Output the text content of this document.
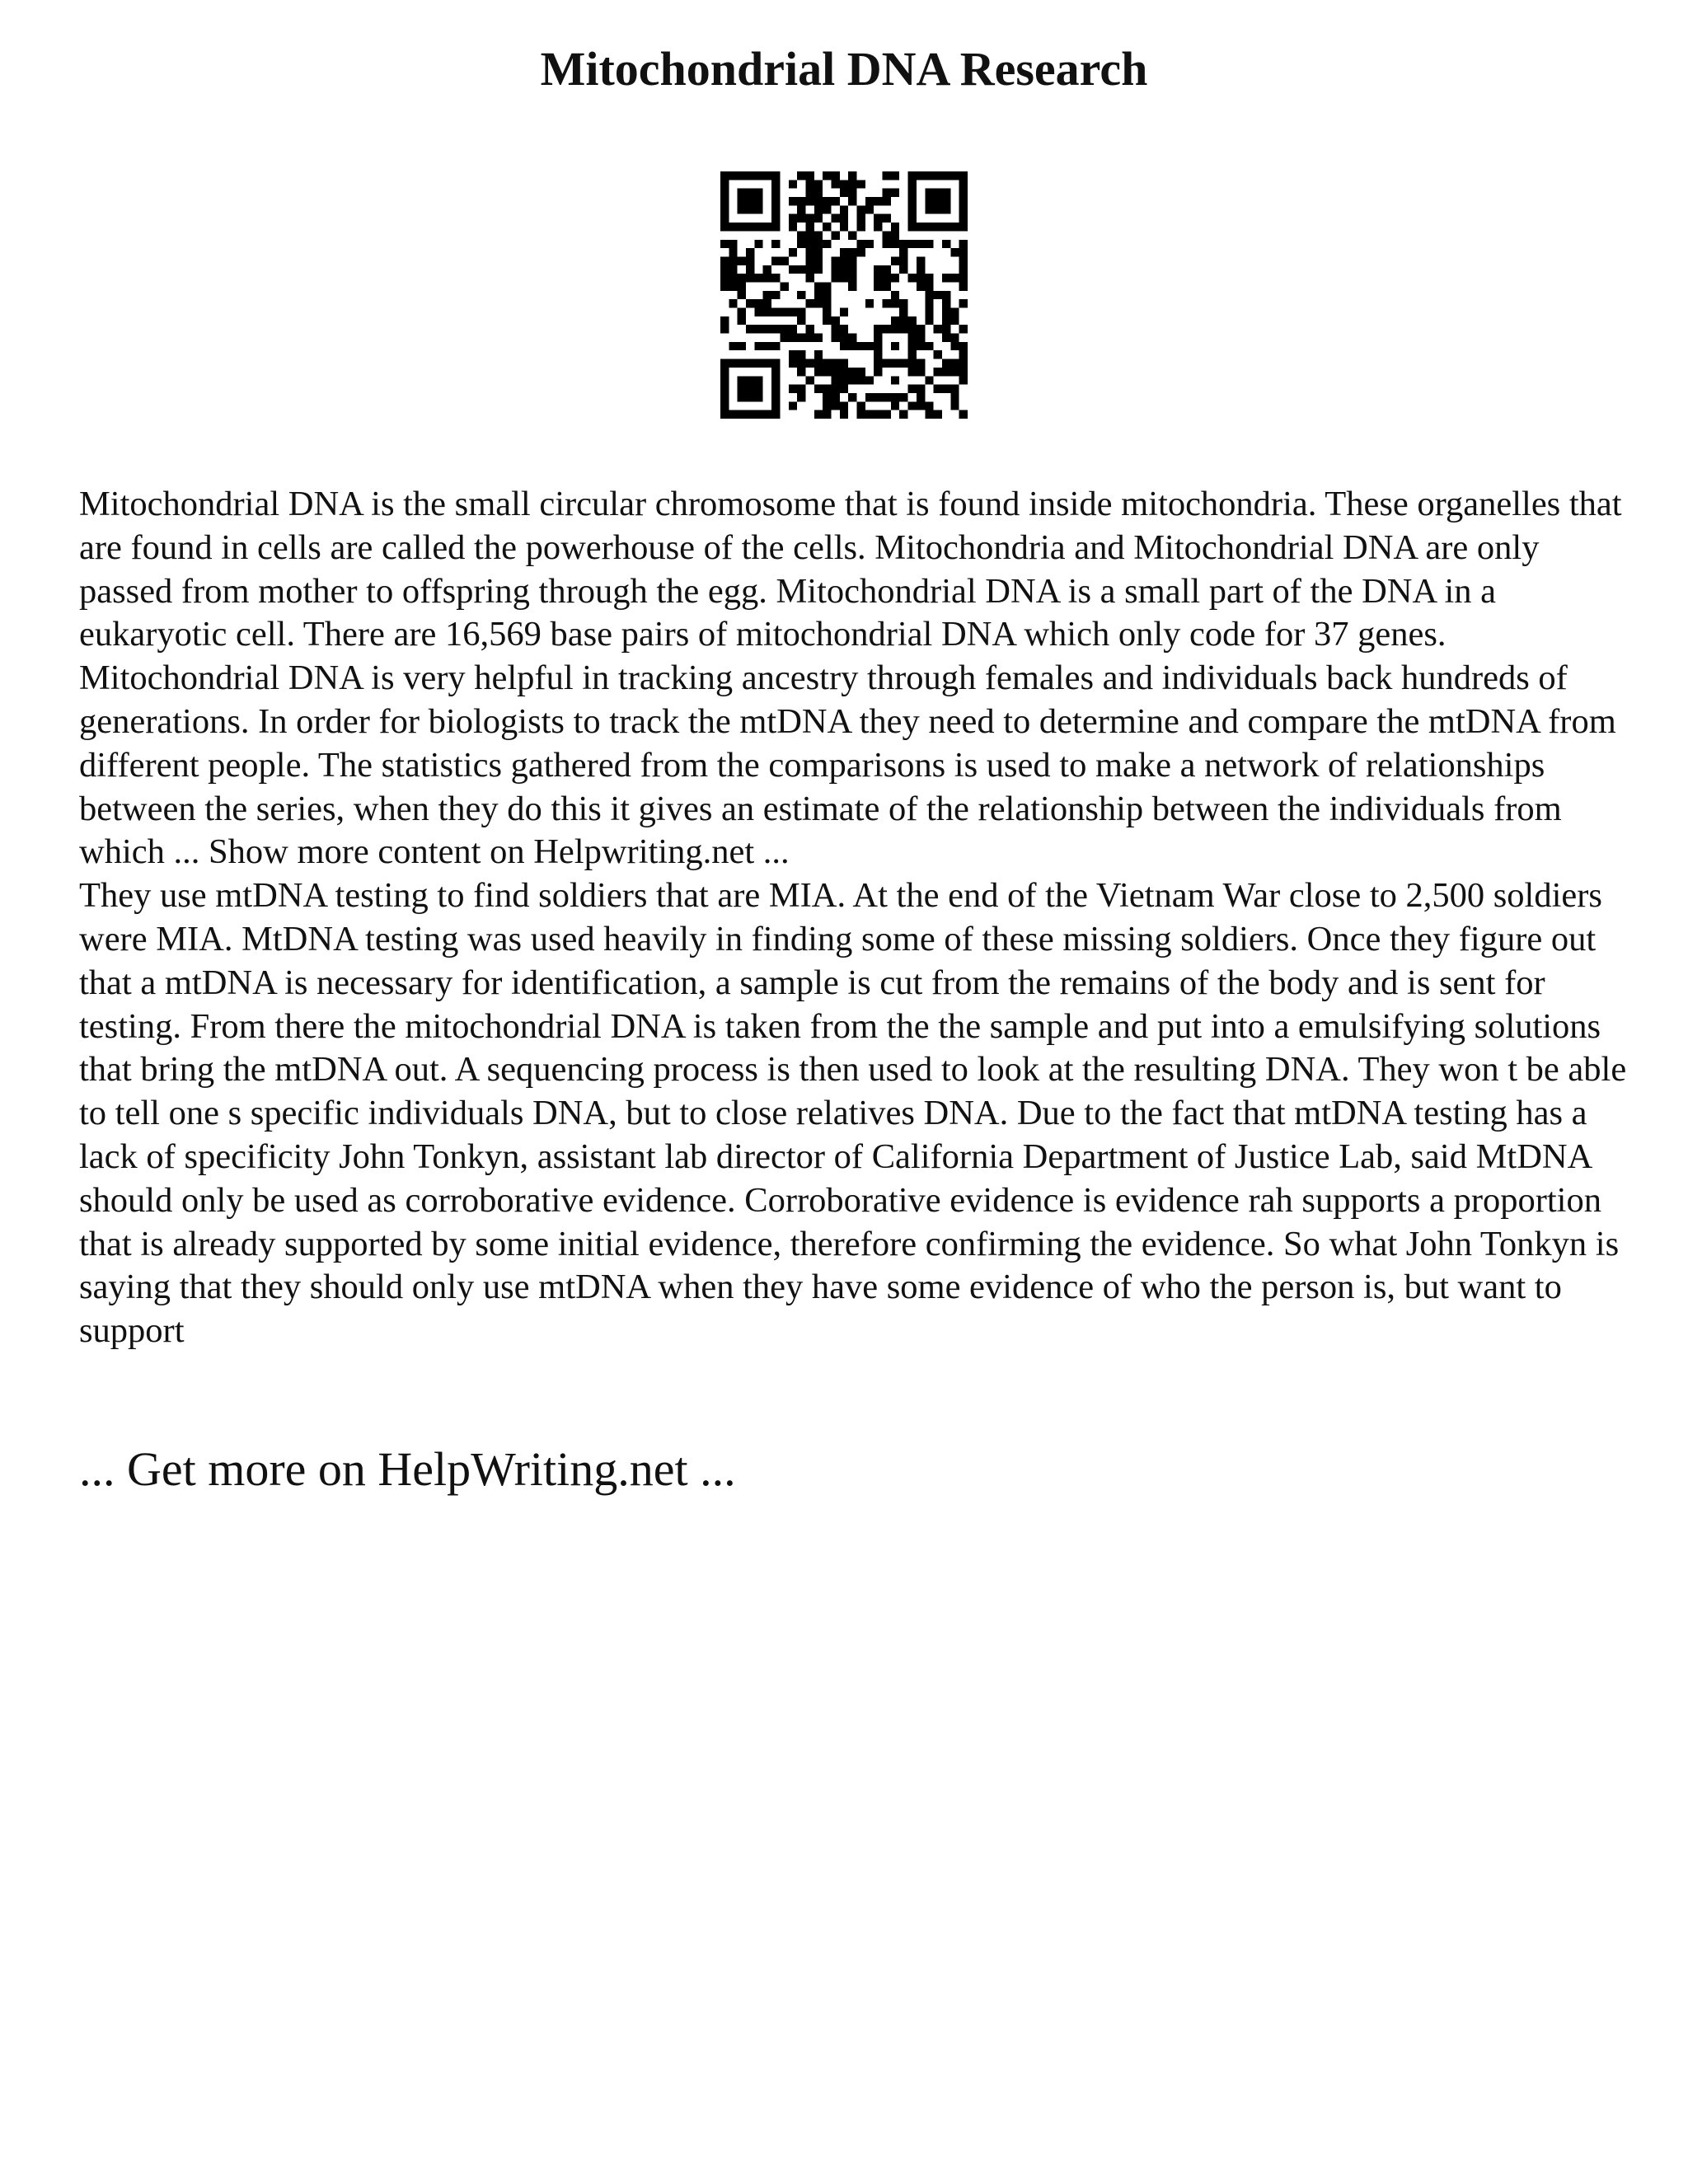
Mitochondrial DNA Research

Mitochondrial DNA is the small circular chromosome that is found inside mitochondria. These organelles that are found in cells are called the powerhouse of the cells. Mitochondria and Mitochondrial DNA are only passed from mother to offspring through the egg. Mitochondrial DNA is a small part of the DNA in a eukaryotic cell. There are 16,569 base pairs of mitochondrial DNA which only code for 37 genes. Mitochondrial DNA is very helpful in tracking ancestry through females and individuals back hundreds of generations. In order for biologists to track the mtDNA they need to determine and compare the mtDNA from different people. The statistics gathered from the comparisons is used to make a network of relationships between the series, when they do this it gives an estimate of the relationship between the individuals from which ... Show more content on Helpwriting.net ...

They use mtDNA testing to find soldiers that are MIA. At the end of the Vietnam War close to 2,500 soldiers were MIA. MtDNA testing was used heavily in finding some of these missing soldiers. Once they figure out that a mtDNA is necessary for identification, a sample is cut from the remains of the body and is sent for testing. From there the mitochondrial DNA is taken from the the sample and put into a emulsifying solutions that bring the mtDNA out. A sequencing process is then used to look at the resulting DNA. They won t be able to tell one s specific individuals DNA, but to close relatives DNA. Due to the fact that mtDNA testing has a lack of specificity John Tonkyn, assistant lab director of California Department of Justice Lab, said MtDNA should only be used as corroborative evidence. Corroborative evidence is evidence rah supports a proportion that is already supported by some initial evidence, therefore confirming the evidence. So what John Tonkyn is saying that they should only use mtDNA when they have some evidence of who the person is, but want to support

... Get more on HelpWriting.net ...
